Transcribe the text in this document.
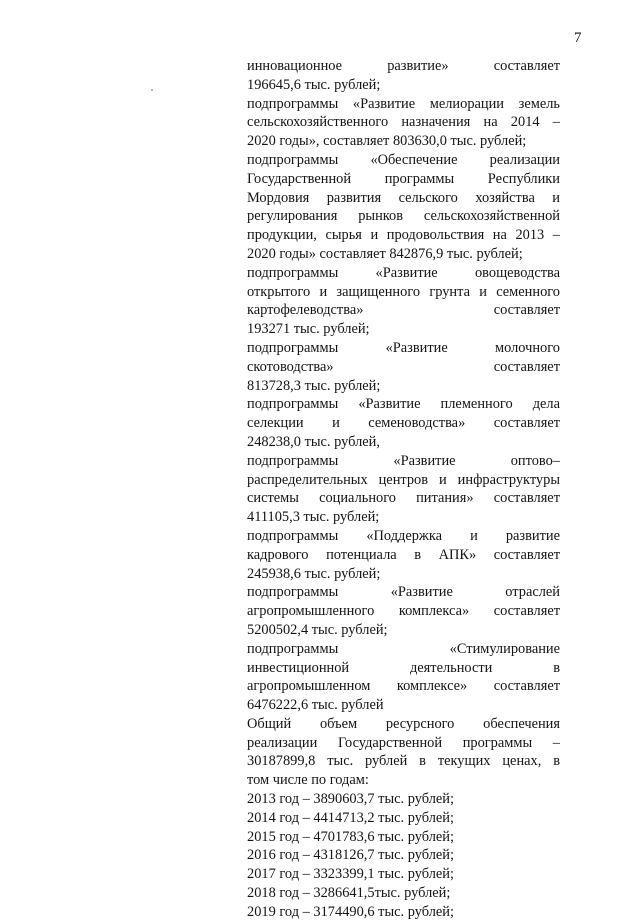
7
инновационное развитие» составляет
196645,6 тыс. рублей;
подпрограммы «Развитие мелиорации земель
сельскохозяйственного назначения на 2014 –
2020 годы», составляет 803630,0 тыс. рублей;
подпрограммы «Обеспечение реализации
Государственной программы Республики
Мордовия развития сельского хозяйства и
регулирования рынков сельскохозяйственной
продукции, сырья и продовольствия на 2013 –
2020 годы» составляет 842876,9 тыс. рублей;
подпрограммы «Развитие овощеводства
открытого и защищенного грунта и семенного
картофелеводства» составляет
193271 тыс. рублей;
подпрограммы «Развитие молочного
скотоводства» составляет
813728,3 тыс. рублей;
подпрограммы «Развитие племенного дела
селекции и семеноводства» составляет
248238,0 тыс. рублей,
подпрограммы «Развитие оптово–
распределительных центров и инфраструктуры
системы социального питания» составляет
411105,3 тыс. рублей;
подпрограммы «Поддержка и развитие
кадрового потенциала в АПК» составляет
245938,6 тыс. рублей;
подпрограммы «Развитие отраслей
агропромышленного комплекса» составляет
5200502,4 тыс. рублей;
подпрограммы «Стимулирование
инвестиционной деятельности в
агропромышленном комплексе» составляет
6476222,6 тыс. рублей
Общий объем ресурсного обеспечения
реализации Государственной программы –
30187899,8 тыс. рублей в текущих ценах, в
том числе по годам:
2013 год – 3890603,7 тыс. рублей;
2014 год – 4414713,2 тыс. рублей;
2015 год – 4701783,6 тыс. рублей;
2016 год – 4318126,7 тыс. рублей;
2017 год – 3323399,1 тыс. рублей;
2018 год – 3286641,5тыс. рублей;
2019 год – 3174490,6 тыс. рублей;
